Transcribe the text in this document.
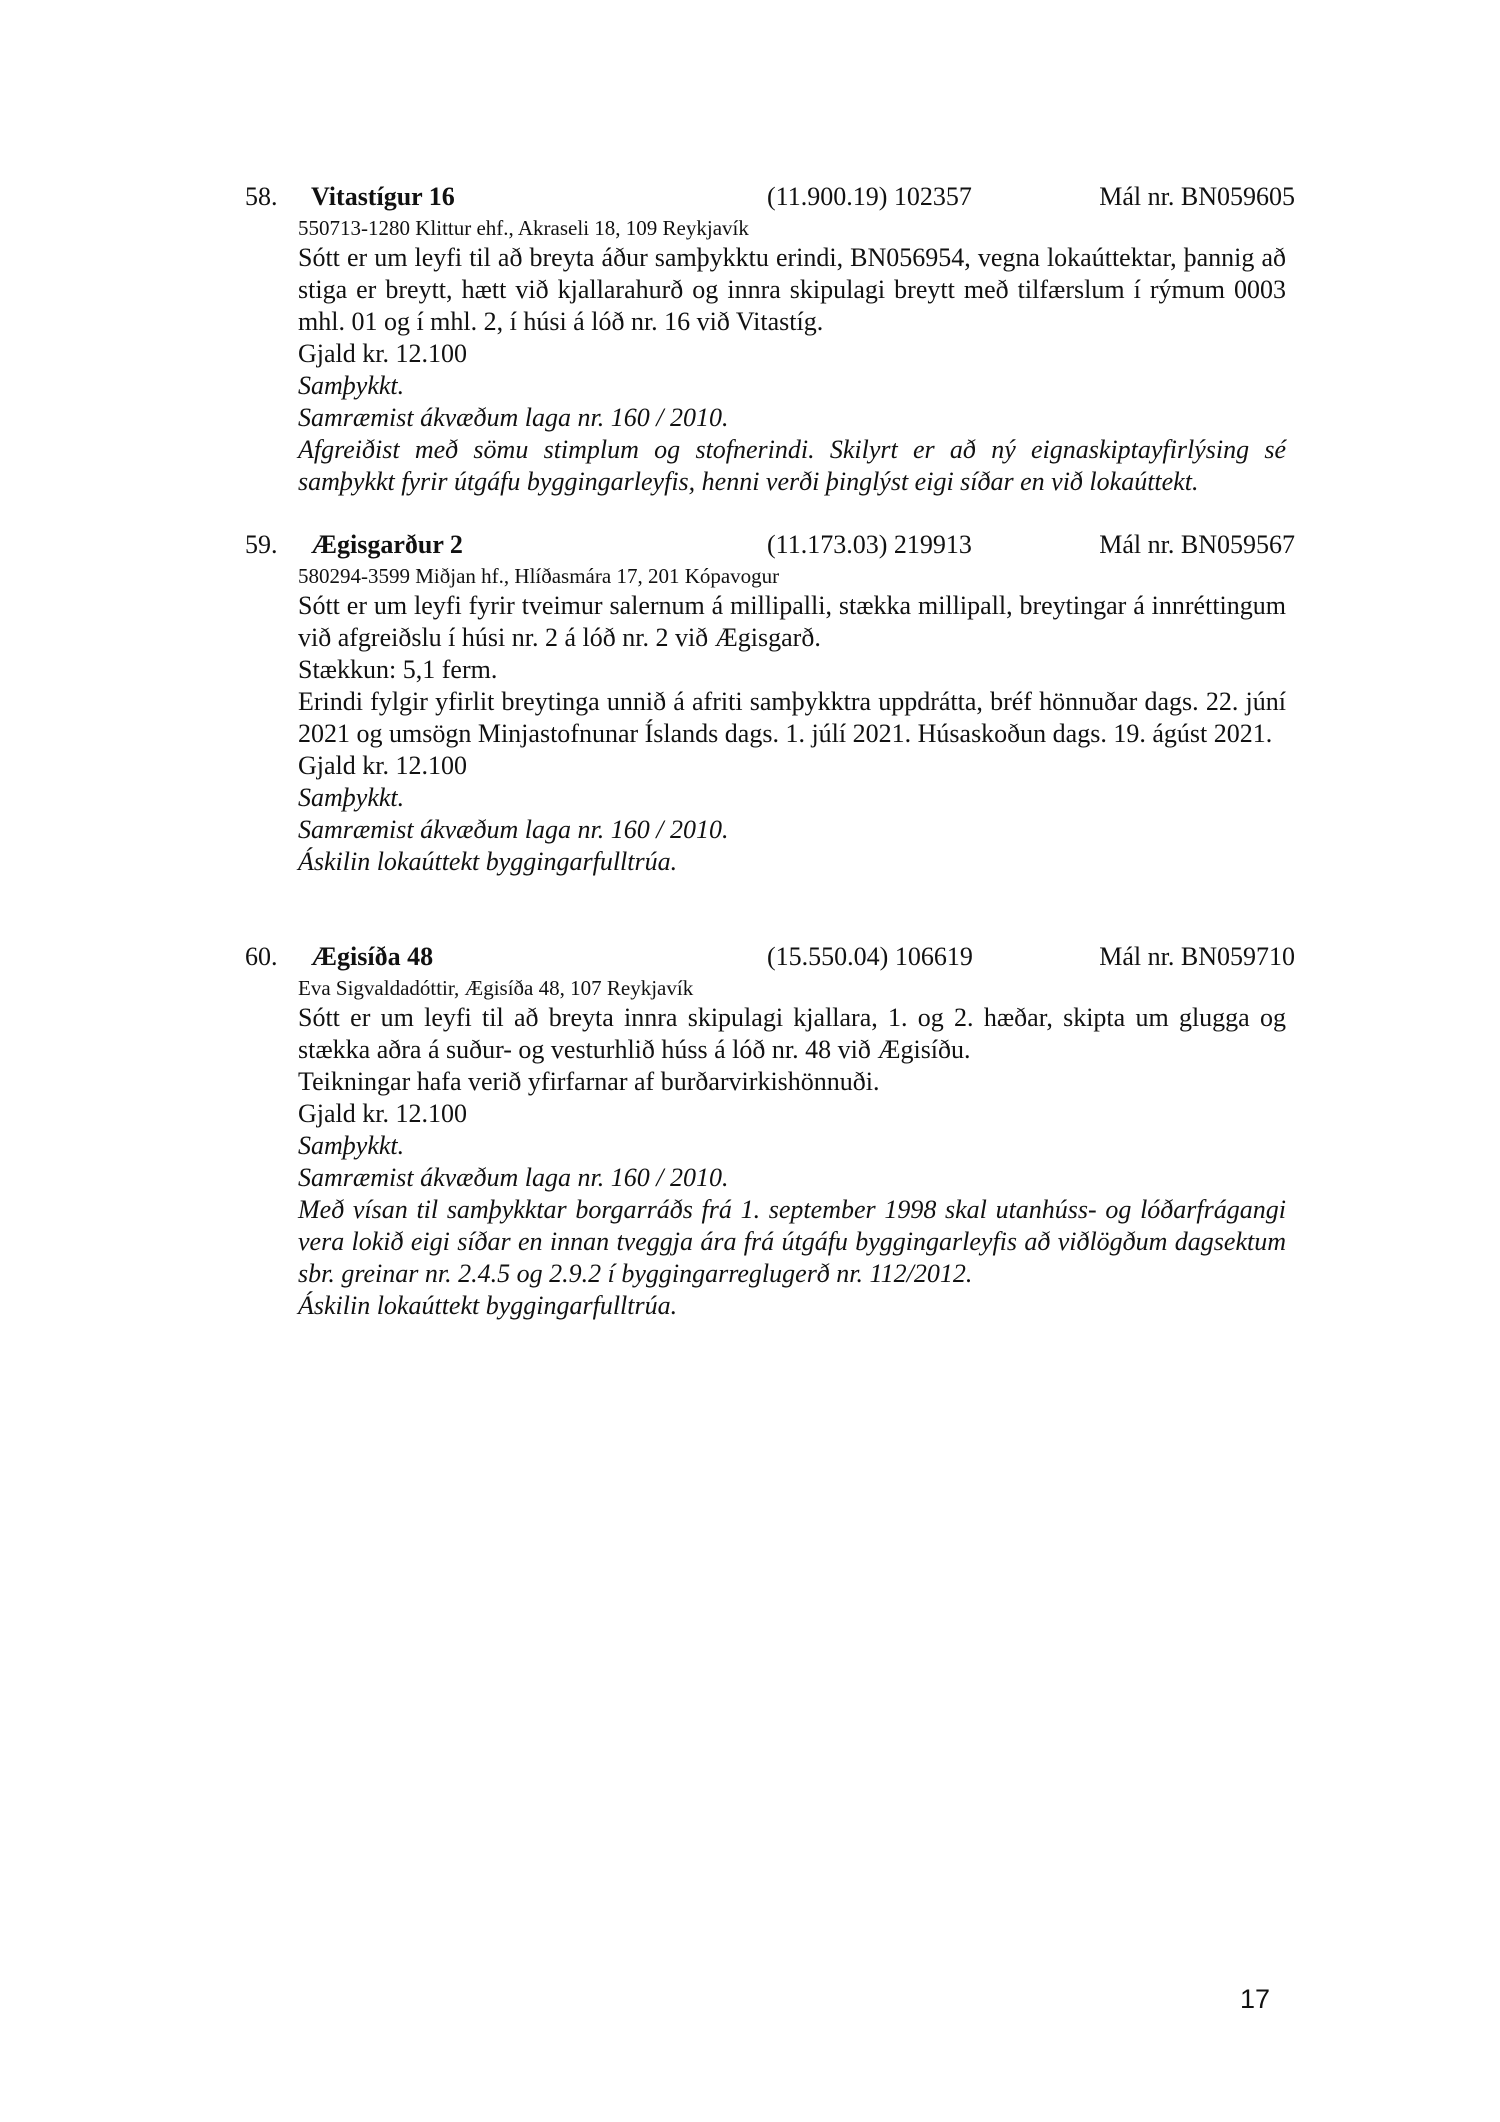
58. Vitastígur 16	(11.900.19) 102357	Mál nr. BN059605
550713-1280 Klittur ehf., Akraseli 18, 109 Reykjavík

Sótt er um leyfi til að breyta áður samþykktu erindi, BN056954, vegna lokaúttektar, þannig að stiga er breytt, hætt við kjallarahurð og innra skipulagi breytt með tilfærslum í rýmum 0003 mhl. 01 og í mhl. 2, í húsi á lóð nr. 16 við Vitastíg.

Gjald kr. 12.100

Samþykkt.

Samræmist ákvæðum laga nr. 160 / 2010.

Afgreiðist með sömu stimplum og stofnerindi. Skilyrt er að ný eignaskiptayfirlýsing sé samþykkt fyrir útgáfu byggingarleyfis, henni verði þinglýst eigi síðar en við lokaúttekt.

59. Ægisgarður 2	(11.173.03) 219913	Mál nr. BN059567
580294-3599 Miðjan hf., Hlíðasmára 17, 201 Kópavogur

Sótt er um leyfi fyrir tveimur salernum á millipalli, stækka millipall, breytingar á innréttingum við afgreiðslu í húsi nr. 2 á lóð nr. 2 við Ægisgarð.

Stækkun: 5,1 ferm.

Erindi fylgir yfirlit breytinga unnið á afriti samþykktra uppdrátta, bréf hönnuðar dags. 22. júní 2021 og umsögn Minjastofnunar Íslands dags. 1. júlí 2021. Húsaskoðun dags. 19. ágúst 2021.

Gjald kr. 12.100

Samþykkt.

Samræmist ákvæðum laga nr. 160 / 2010.

Áskilin lokaúttekt byggingarfulltrúa.

60. Ægisíða 48	(15.550.04) 106619	Mál nr. BN059710
Eva Sigvaldadóttir, Ægisíða 48, 107 Reykjavík

Sótt er um leyfi til að breyta innra skipulagi kjallara, 1. og 2. hæðar, skipta um glugga og stækka aðra á suður- og vesturhlið húss á lóð nr. 48 við Ægisíðu.

Teikningar hafa verið yfirfarnar af burðarvirkishönnuði.

Gjald kr. 12.100

Samþykkt.

Samræmist ákvæðum laga nr. 160 / 2010.

Með vísan til samþykktar borgarráðs frá 1. september 1998 skal utanhúss- og lóðarfrágangi vera lokið eigi síðar en innan tveggja ára frá útgáfu byggingarleyfis að viðlögðum dagsektum sbr. greinar nr. 2.4.5 og 2.9.2 í byggingarreglugerð nr. 112/2012.

Áskilin lokaúttekt byggingarfulltrúa.

17
